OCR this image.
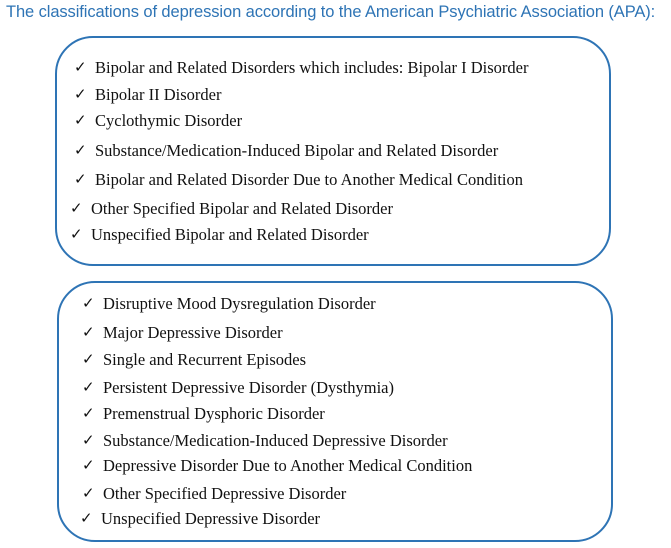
The classifications of depression according to the American Psychiatric Association (APA):
✓ Bipolar and Related Disorders which includes: Bipolar I Disorder
✓ Bipolar II Disorder
✓ Cyclothymic Disorder
✓ Substance/Medication-Induced Bipolar and Related Disorder
✓ Bipolar and Related Disorder Due to Another Medical Condition
✓ Other Specified Bipolar and Related Disorder
✓ Unspecified Bipolar and Related Disorder
✓ Disruptive Mood Dysregulation Disorder
✓ Major Depressive Disorder
✓ Single and Recurrent Episodes
✓ Persistent Depressive Disorder (Dysthymia)
✓ Premenstrual Dysphoric Disorder
✓ Substance/Medication-Induced Depressive Disorder
✓ Depressive Disorder Due to Another Medical Condition
✓ Other Specified Depressive Disorder
✓ Unspecified Depressive Disorder
